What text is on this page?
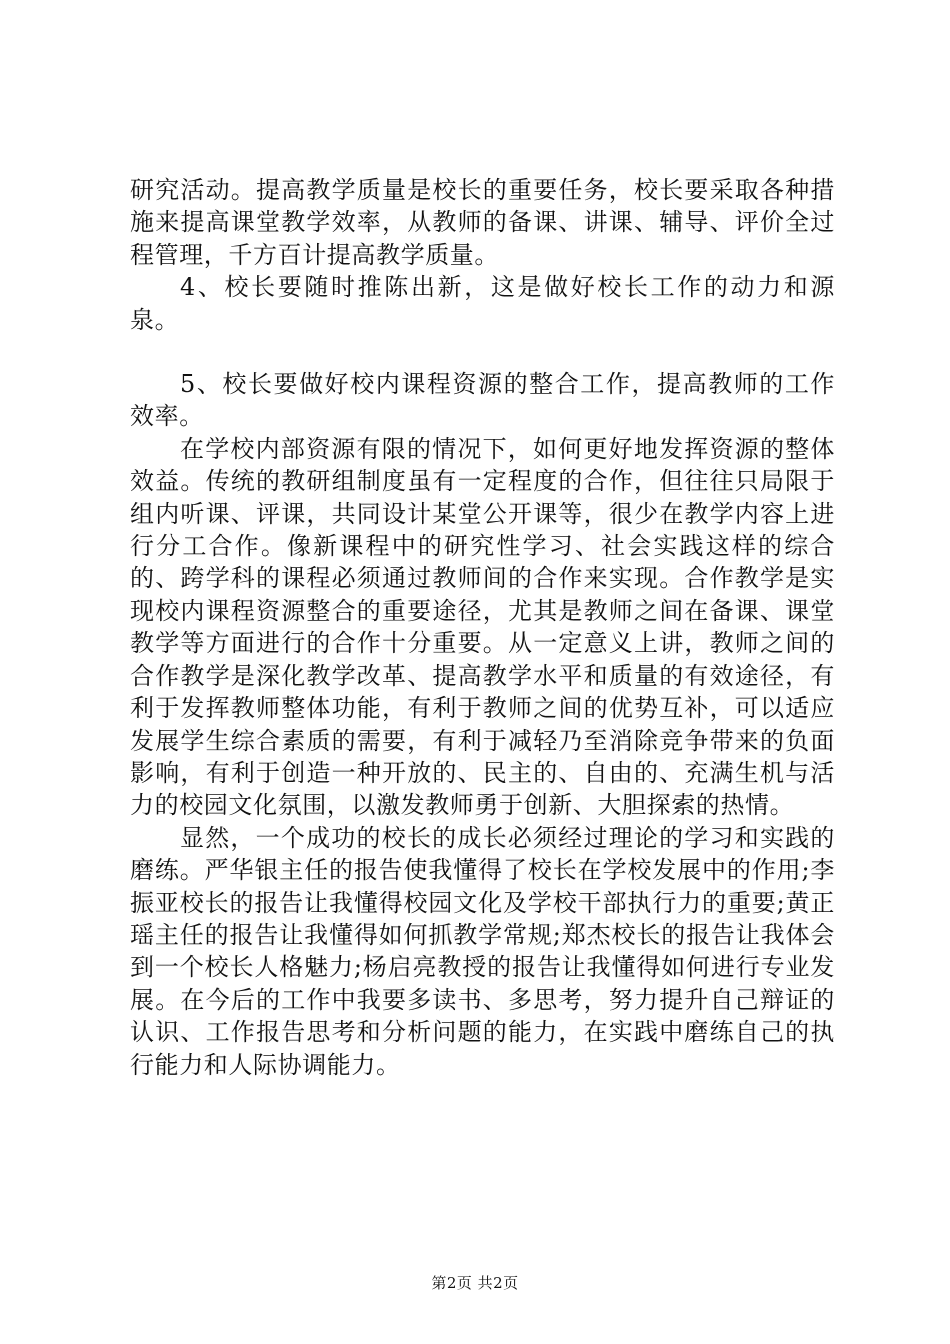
研究活动。提高教学质量是校长的重要任务，校长要采取各种措施来提高课堂教学效率，从教师的备课、讲课、辅导、评价全过程管理，千方百计提高教学质量。

4、校长要随时推陈出新，这是做好校长工作的动力和源泉。

5、校长要做好校内课程资源的整合工作，提高教师的工作效率。

在学校内部资源有限的情况下，如何更好地发挥资源的整体效益。传统的教研组制度虽有一定程度的合作，但往往只局限于组内听课、评课，共同设计某堂公开课等，很少在教学内容上进行分工合作。像新课程中的研究性学习、社会实践这样的综合的、跨学科的课程必须通过教师间的合作来实现。合作教学是实现校内课程资源整合的重要途径，尤其是教师之间在备课、课堂教学等方面进行的合作十分重要。从一定意义上讲，教师之间的合作教学是深化教学改革、提高教学水平和质量的有效途径，有利于发挥教师整体功能，有利于教师之间的优势互补，可以适应发展学生综合素质的需要，有利于减轻乃至消除竞争带来的负面影响，有利于创造一种开放的、民主的、自由的、充满生机与活力的校园文化氛围，以激发教师勇于创新、大胆探索的热情。

显然，一个成功的校长的成长必须经过理论的学习和实践的磨练。严华银主任的报告使我懂得了校长在学校发展中的作用;李振亚校长的报告让我懂得校园文化及学校干部执行力的重要;黄正瑶主任的报告让我懂得如何抓教学常规;郑杰校长的报告让我体会到一个校长人格魅力;杨启亮教授的报告让我懂得如何进行专业发展。在今后的工作中我要多读书、多思考，努力提升自己辩证的认识、工作报告思考和分析问题的能力，在实践中磨练自己的执行能力和人际协调能力。

第2页 共2页
